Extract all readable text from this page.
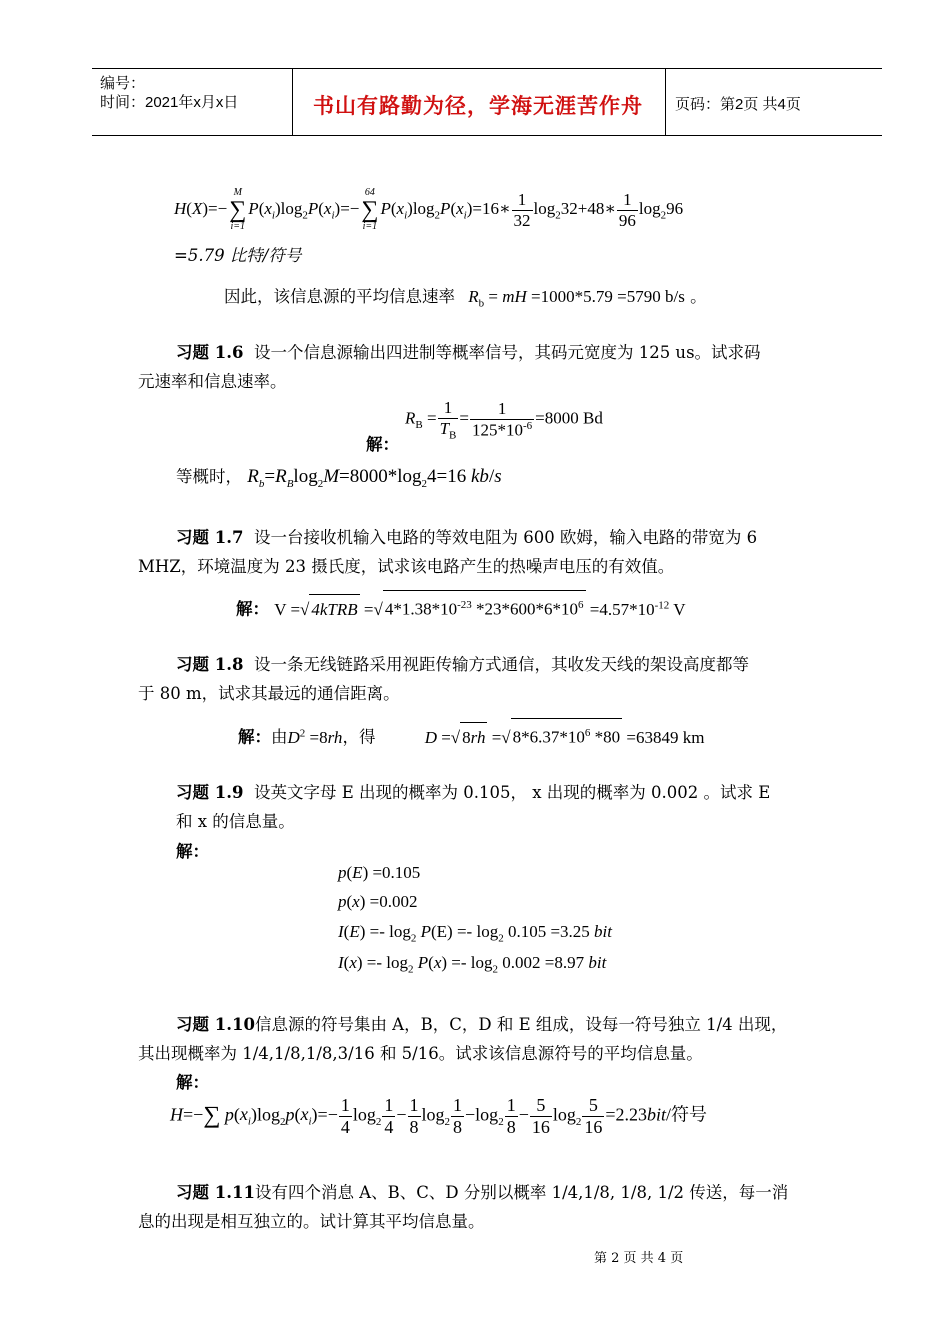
编号：
时间：2021年x月x日	书山有路勤为径，学海无涯苦作舟 页码：第2页 共4页
H(X)=−
M
∑
i=1
$P(x_i)\log_2P(x_i)=-$
64
∑
i=1
$P(x_i)\log_2P(x_i)=16∗ \frac{1}{32}$ $\log_232+48∗ \frac{1}{96} \log_296$
=5.79 比特/符号
因此，该信息源的平均信息速率 $R_b$ = mH =1000*5.79 =5790 b/s 。
习题 1.6 设一个信息源输出四进制等概率信号，其码元宽度为 125 us。试求码
元速率和信息速率。
$R_B = \frac{1}{T_B} = \frac{1}{125*10^{-6}} =8000$ Bd
解：
等概时， $R_b=R_B\log_2M=8000*\log_24=16$ kb/s
习题 1.7 设一台接收机输入电路的等效电阻为 600 欧姆，输入电路的带宽为 6
MHZ，环境温度为 23 摄氏度，试求该电路产生的热噪声电压的有效值。
解： V =√ 4kTRB =√ $4*1.38*10^{-23}$ $*23*600*6*10^6 =4.57*10^{-12}$ V
习题 1.8 设一条无线链路采用视距传输方式通信，其收发天线的架设高度都等
于 80 m，试求其最远的通信距离。
解：由$D^2 =8rh$，得	D =√ 8rh =√ $8*6.37*10^6$ *80 =63849 km
习题 1.9 设英文字母 E 出现的概率为 0.105， x 出现的概率为 0.002 。试求 E
和 x 的信息量。
解：
p(E) =0.105
p(x) =0.002
$I(E) =- \log_2 P(E) =- \log_2 0.105 =3.25$ bit
$I(x) =- \log_2 P(x) =- \log_2 0.002 =8.97$ bit
习题 1.10信息源的符号集由 A，B，C，D 和 E 组成，设每一符号独立 1/4 出现，
其出现概率为 1/4,1/8,1/8,3/16 和 5/16。试求该信息源符号的平均信息量。
解：
H=−∑ $p(x_i)\log_2p(x_i)=- \frac{1}{4} \log_2 \frac{1}{4} - \frac{1}{8} \log_2 \frac{1}{8} -\log_2 \frac{1}{8} - \frac{5}{16} \log_2 \frac{5}{16} =2.23bit/$符号
习题 1.11设有四个消息 A、B、C、D 分别以概率 1/4,1/8, 1/8, 1/2 传送，每一消
息的出现是相互独立的。试计算其平均信息量。
第 2 页 共 4 页
